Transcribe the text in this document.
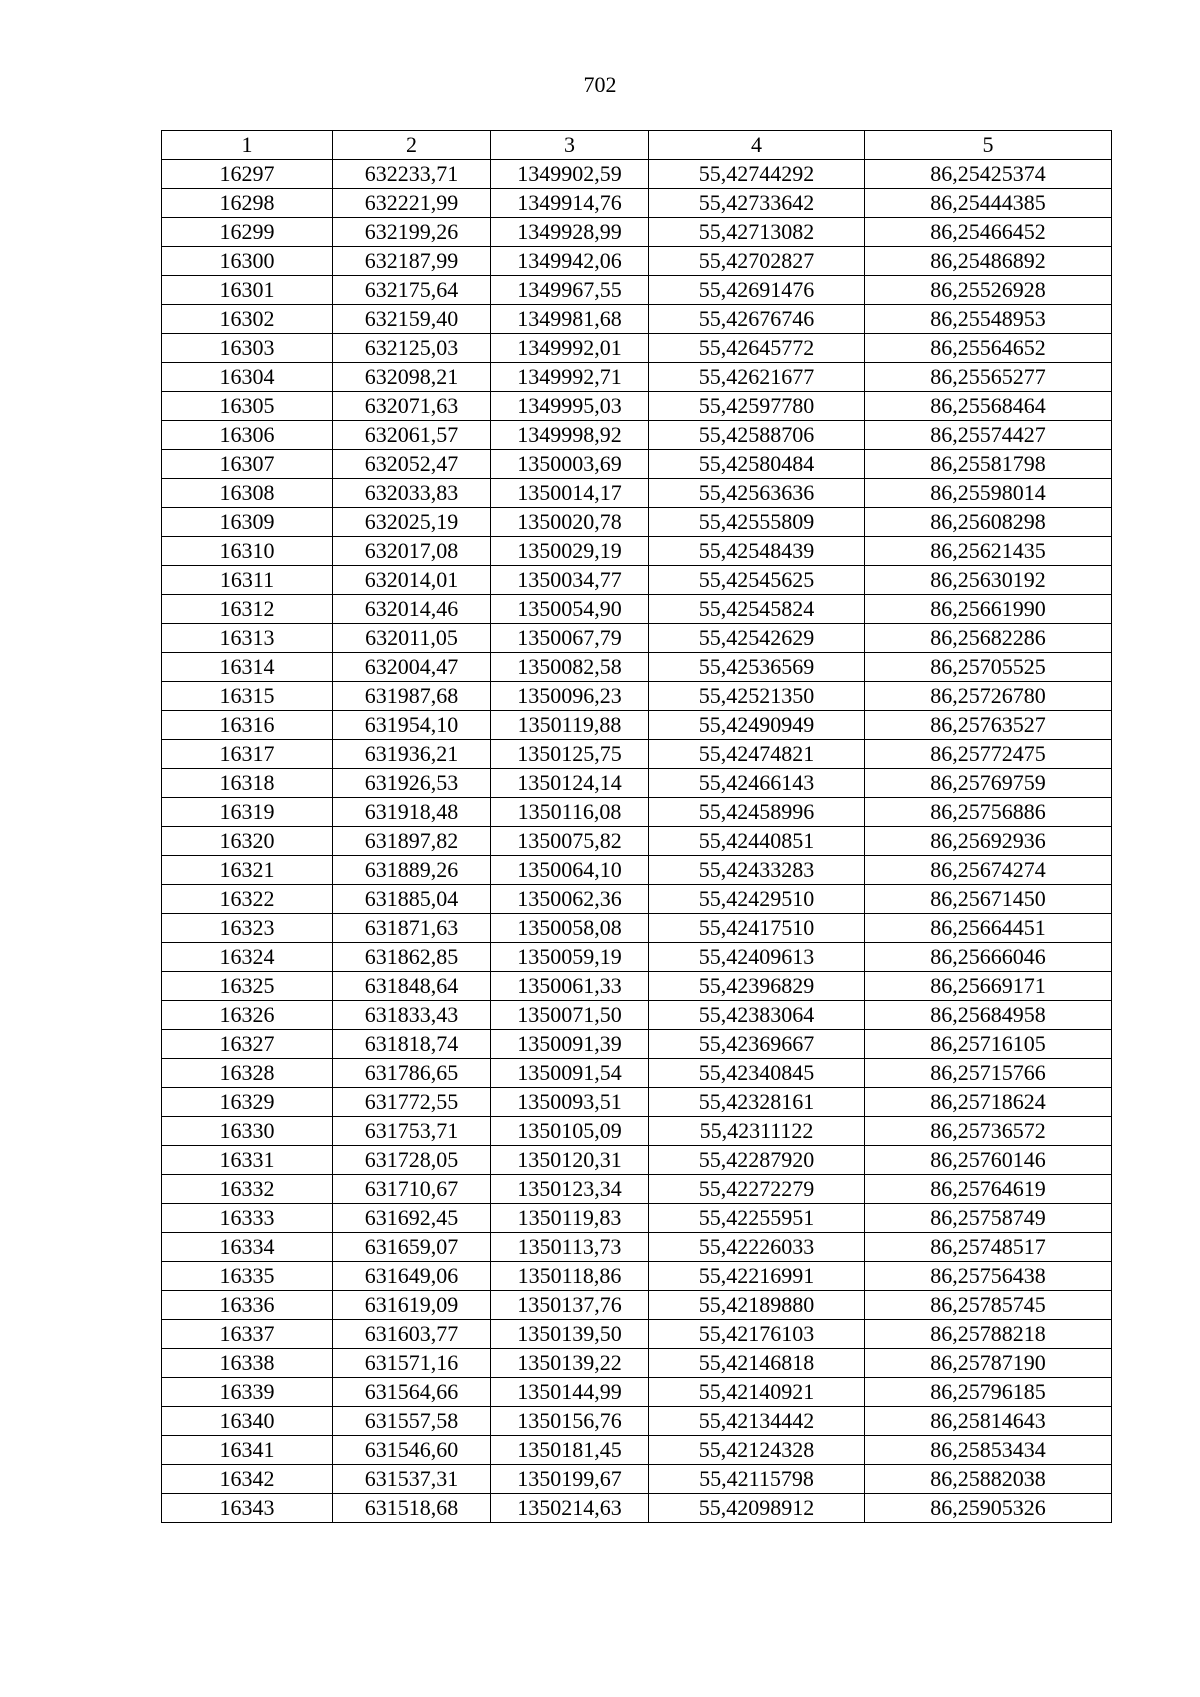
702
1	2	3	4	5
16297	632233,71	1349902,59	55,42744292	86,25425374
16298	632221,99	1349914,76	55,42733642	86,25444385
16299	632199,26	1349928,99	55,42713082	86,25466452
16300	632187,99	1349942,06	55,42702827	86,25486892
16301	632175,64	1349967,55	55,42691476	86,25526928
16302	632159,40	1349981,68	55,42676746	86,25548953
16303	632125,03	1349992,01	55,42645772	86,25564652
16304	632098,21	1349992,71	55,42621677	86,25565277
16305	632071,63	1349995,03	55,42597780	86,25568464
16306	632061,57	1349998,92	55,42588706	86,25574427
16307	632052,47	1350003,69	55,42580484	86,25581798
16308	632033,83	1350014,17	55,42563636	86,25598014
16309	632025,19	1350020,78	55,42555809	86,25608298
16310	632017,08	1350029,19	55,42548439	86,25621435
16311	632014,01	1350034,77	55,42545625	86,25630192
16312	632014,46	1350054,90	55,42545824	86,25661990
16313	632011,05	1350067,79	55,42542629	86,25682286
16314	632004,47	1350082,58	55,42536569	86,25705525
16315	631987,68	1350096,23	55,42521350	86,25726780
16316	631954,10	1350119,88	55,42490949	86,25763527
16317	631936,21	1350125,75	55,42474821	86,25772475
16318	631926,53	1350124,14	55,42466143	86,25769759
16319	631918,48	1350116,08	55,42458996	86,25756886
16320	631897,82	1350075,82	55,42440851	86,25692936
16321	631889,26	1350064,10	55,42433283	86,25674274
16322	631885,04	1350062,36	55,42429510	86,25671450
16323	631871,63	1350058,08	55,42417510	86,25664451
16324	631862,85	1350059,19	55,42409613	86,25666046
16325	631848,64	1350061,33	55,42396829	86,25669171
16326	631833,43	1350071,50	55,42383064	86,25684958
16327	631818,74	1350091,39	55,42369667	86,25716105
16328	631786,65	1350091,54	55,42340845	86,25715766
16329	631772,55	1350093,51	55,42328161	86,25718624
16330	631753,71	1350105,09	55,42311122	86,25736572
16331	631728,05	1350120,31	55,42287920	86,25760146
16332	631710,67	1350123,34	55,42272279	86,25764619
16333	631692,45	1350119,83	55,42255951	86,25758749
16334	631659,07	1350113,73	55,42226033	86,25748517
16335	631649,06	1350118,86	55,42216991	86,25756438
16336	631619,09	1350137,76	55,42189880	86,25785745
16337	631603,77	1350139,50	55,42176103	86,25788218
16338	631571,16	1350139,22	55,42146818	86,25787190
16339	631564,66	1350144,99	55,42140921	86,25796185
16340	631557,58	1350156,76	55,42134442	86,25814643
16341	631546,60	1350181,45	55,42124328	86,25853434
16342	631537,31	1350199,67	55,42115798	86,25882038
16343	631518,68	1350214,63	55,42098912	86,25905326
